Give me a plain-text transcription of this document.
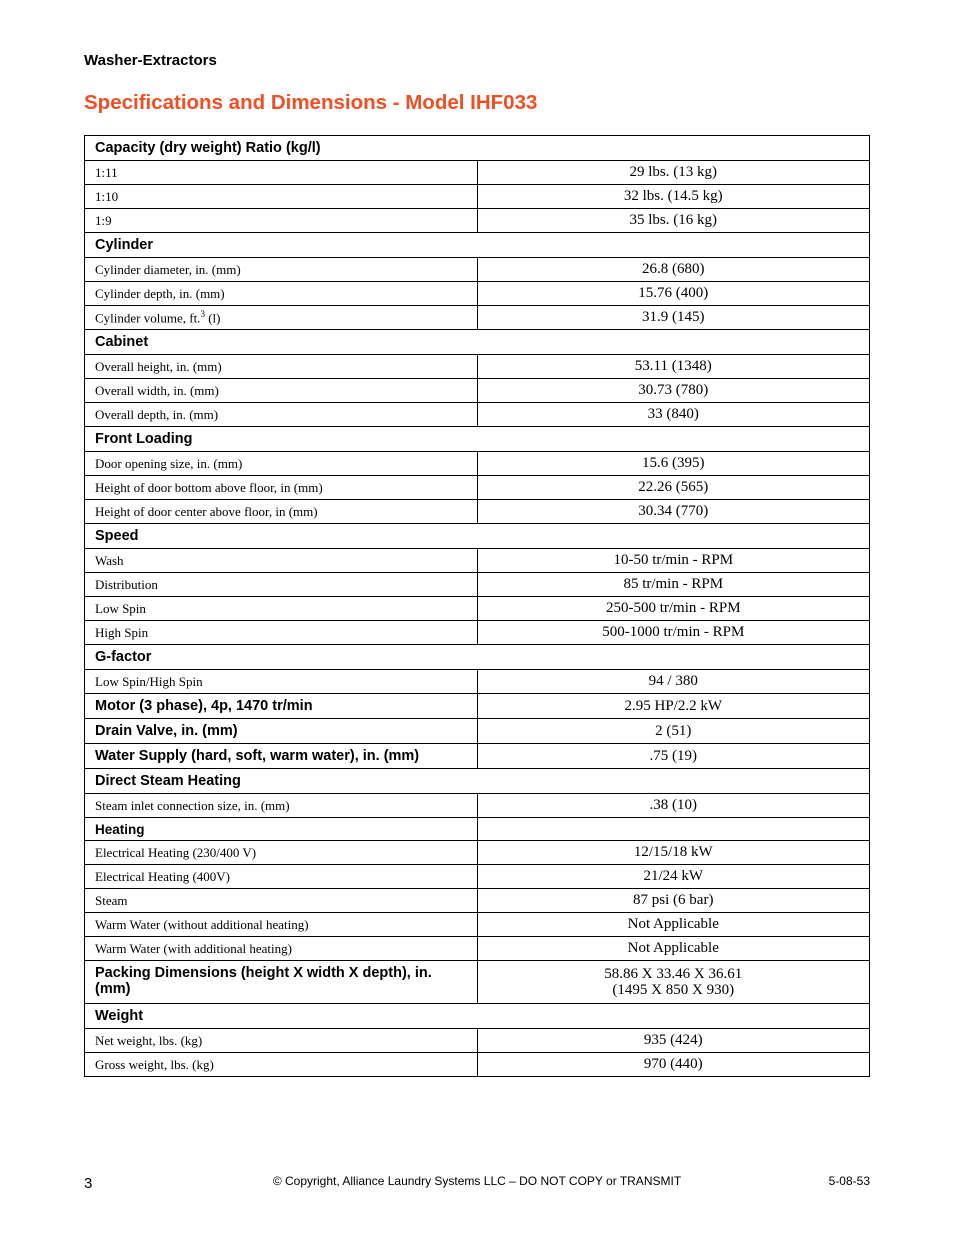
Washer-Extractors
Specifications and Dimensions - Model IHF033
Capacity (dry weight) Ratio (kg/l)	
1:11	29 lbs. (13 kg)
1:10	32 lbs. (14.5 kg)
1:9	35 lbs. (16 kg)
Cylinder	
Cylinder diameter, in. (mm)	26.8 (680)
Cylinder depth, in. (mm)	15.76 (400)
Cylinder volume, ft.$^3$ (l)	31.9 (145)
Cabinet	
Overall height, in. (mm)	53.11 (1348)
Overall width, in. (mm)	30.73 (780)
Overall depth, in. (mm)	33 (840)
Front Loading	
Door opening size, in. (mm)	15.6 (395)
Height of door bottom above floor, in (mm)	22.26 (565)
Height of door center above floor, in (mm)	30.34 (770)
Speed	
Wash	10-50 tr/min - RPM
Distribution	85 tr/min - RPM
Low Spin	250-500 tr/min - RPM
High Spin	500-1000 tr/min - RPM
G-factor	
Low Spin/High Spin	94 / 380
Motor (3 phase), 4p, 1470 tr/min	2.95 HP/2.2 kW
Drain Valve, in. (mm)	2 (51)
Water Supply (hard, soft, warm water), in. (mm)	.75 (19)
Direct Steam Heating	
Steam inlet connection size, in. (mm)	.38 (10)
Heating	
Electrical Heating (230/400 V)	12/15/18 kW
Electrical Heating (400V)	21/24 kW
Steam	87 psi (6 bar)
Warm Water (without additional heating)	Not Applicable
Warm Water (with additional heating)	Not Applicable
Packing Dimensions (height X width X depth), in. (mm)	58.86 X 33.46 X 36.61
(1495 X 850 X 930)

Weight	
Net weight, lbs. (kg)	935 (424)
Gross weight, lbs. (kg)	970 (440)
3	© Copyright, Alliance Laundry Systems LLC – DO NOT COPY or TRANSMIT	5-08-53
